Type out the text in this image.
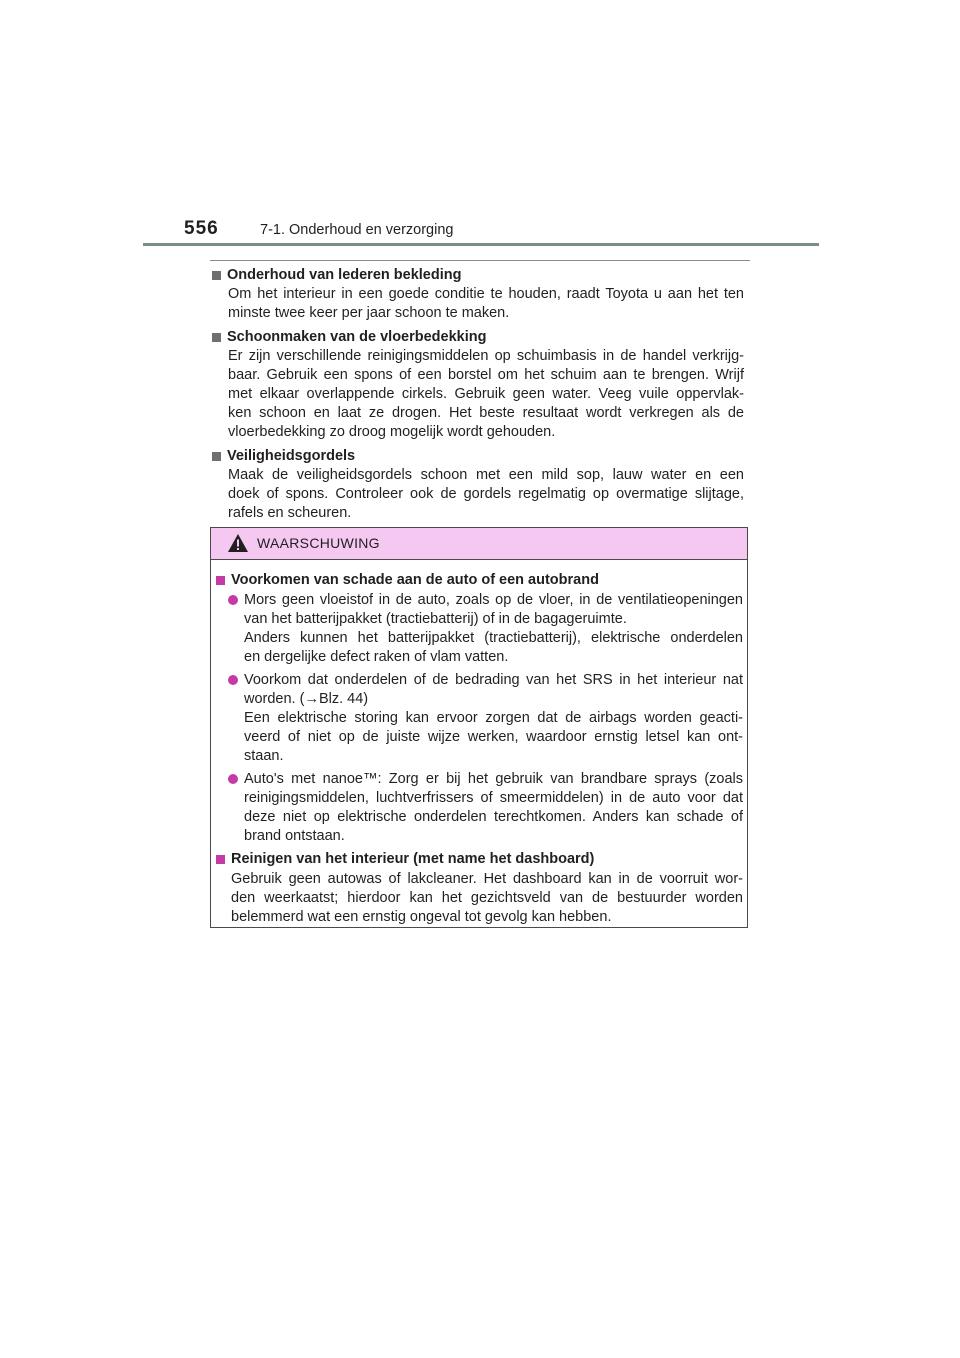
556	7-1. Onderhoud en verzorging
Onderhoud van lederen bekleding
Om het interieur in een goede conditie te houden, raadt Toyota u aan het ten
minste twee keer per jaar schoon te maken.
Schoonmaken van de vloerbedekking
Er zijn verschillende reinigingsmiddelen op schuimbasis in de handel verkrijg-
baar. Gebruik een spons of een borstel om het schuim aan te brengen. Wrijf
met elkaar overlappende cirkels. Gebruik geen water. Veeg vuile oppervlak-
ken schoon en laat ze drogen. Het beste resultaat wordt verkregen als de
vloerbedekking zo droog mogelijk wordt gehouden.
Veiligheidsgordels
Maak de veiligheidsgordels schoon met een mild sop, lauw water en een
doek of spons. Controleer ook de gordels regelmatig op overmatige slijtage,
rafels en scheuren.
WAARSCHUWING
Voorkomen van schade aan de auto of een autobrand
Mors geen vloeistof in de auto, zoals op de vloer, in de ventilatieopeningen
van het batterijpakket (tractiebatterij) of in de bagageruimte.
Anders kunnen het batterijpakket (tractiebatterij), elektrische onderdelen
en dergelijke defect raken of vlam vatten.
Voorkom dat onderdelen of de bedrading van het SRS in het interieur nat
worden. (→Blz. 44)
Een elektrische storing kan ervoor zorgen dat de airbags worden geacti-
veerd of niet op de juiste wijze werken, waardoor ernstig letsel kan ont-
staan.
Auto's met nanoe™: Zorg er bij het gebruik van brandbare sprays (zoals
reinigingsmiddelen, luchtverfrissers of smeermiddelen) in de auto voor dat
deze niet op elektrische onderdelen terechtkomen. Anders kan schade of
brand ontstaan.
Reinigen van het interieur (met name het dashboard)
Gebruik geen autowas of lakcleaner. Het dashboard kan in de voorruit wor-
den weerkaatst; hierdoor kan het gezichtsveld van de bestuurder worden
belemmerd wat een ernstig ongeval tot gevolg kan hebben.
